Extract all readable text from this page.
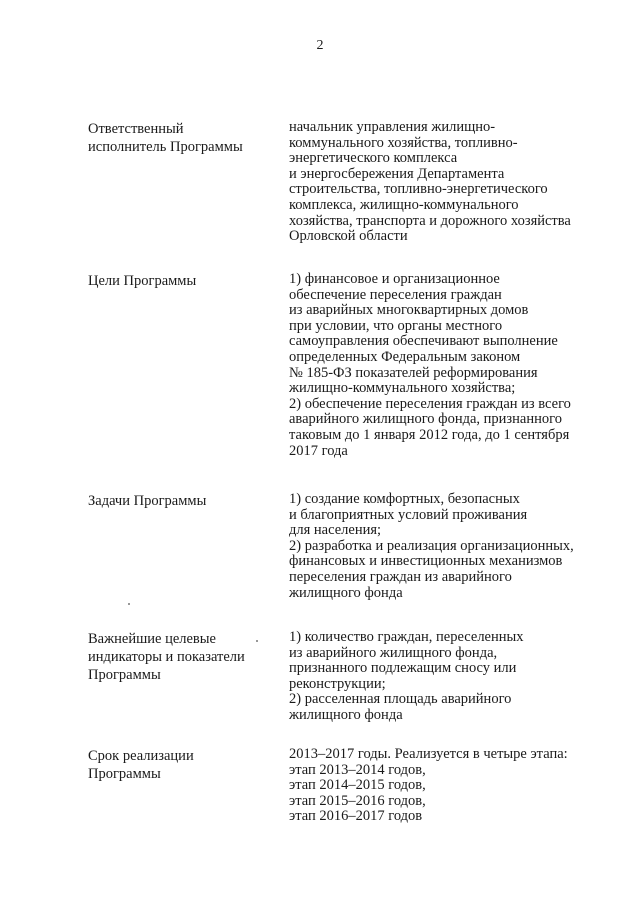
2
Ответственный
исполнитель Программы
начальник управления жилищно-
коммунального хозяйства, топливно-
энергетического комплекса
и энергосбережения Департамента
строительства, топливно-энергетического
комплекса, жилищно-коммунального
хозяйства, транспорта и дорожного хозяйства
Орловской области
Цели Программы	1) финансовое и организационное
обеспечение переселения граждан
из аварийных многоквартирных домов
при условии, что органы местного
самоуправления обеспечивают выполнение
определенных Федеральным законом
№ 185-ФЗ показателей реформирования
жилищно-коммунального хозяйства;
2) обеспечение переселения граждан из всего
аварийного жилищного фонда, признанного
таковым до 1 января 2012 года, до 1 сентября
2017 года
Задачи Программы	1) создание комфортных, безопасных
и благоприятных условий проживания
для населения;
2) разработка и реализация организационных,
финансовых и инвестиционных механизмов
переселения граждан из аварийного
жилищного фонда
Важнейшие целевые
индикаторы и показатели
Программы
1) количество граждан, переселенных
из аварийного жилищного фонда,
признанного подлежащим сносу или
реконструкции;
2) расселенная площадь аварийного
жилищного фонда
Срок реализации
Программы
2013–2017 годы. Реализуется в четыре этапа:
этап 2013–2014 годов,
этап 2014–2015 годов,
этап 2015–2016 годов,
этап 2016–2017 годов
